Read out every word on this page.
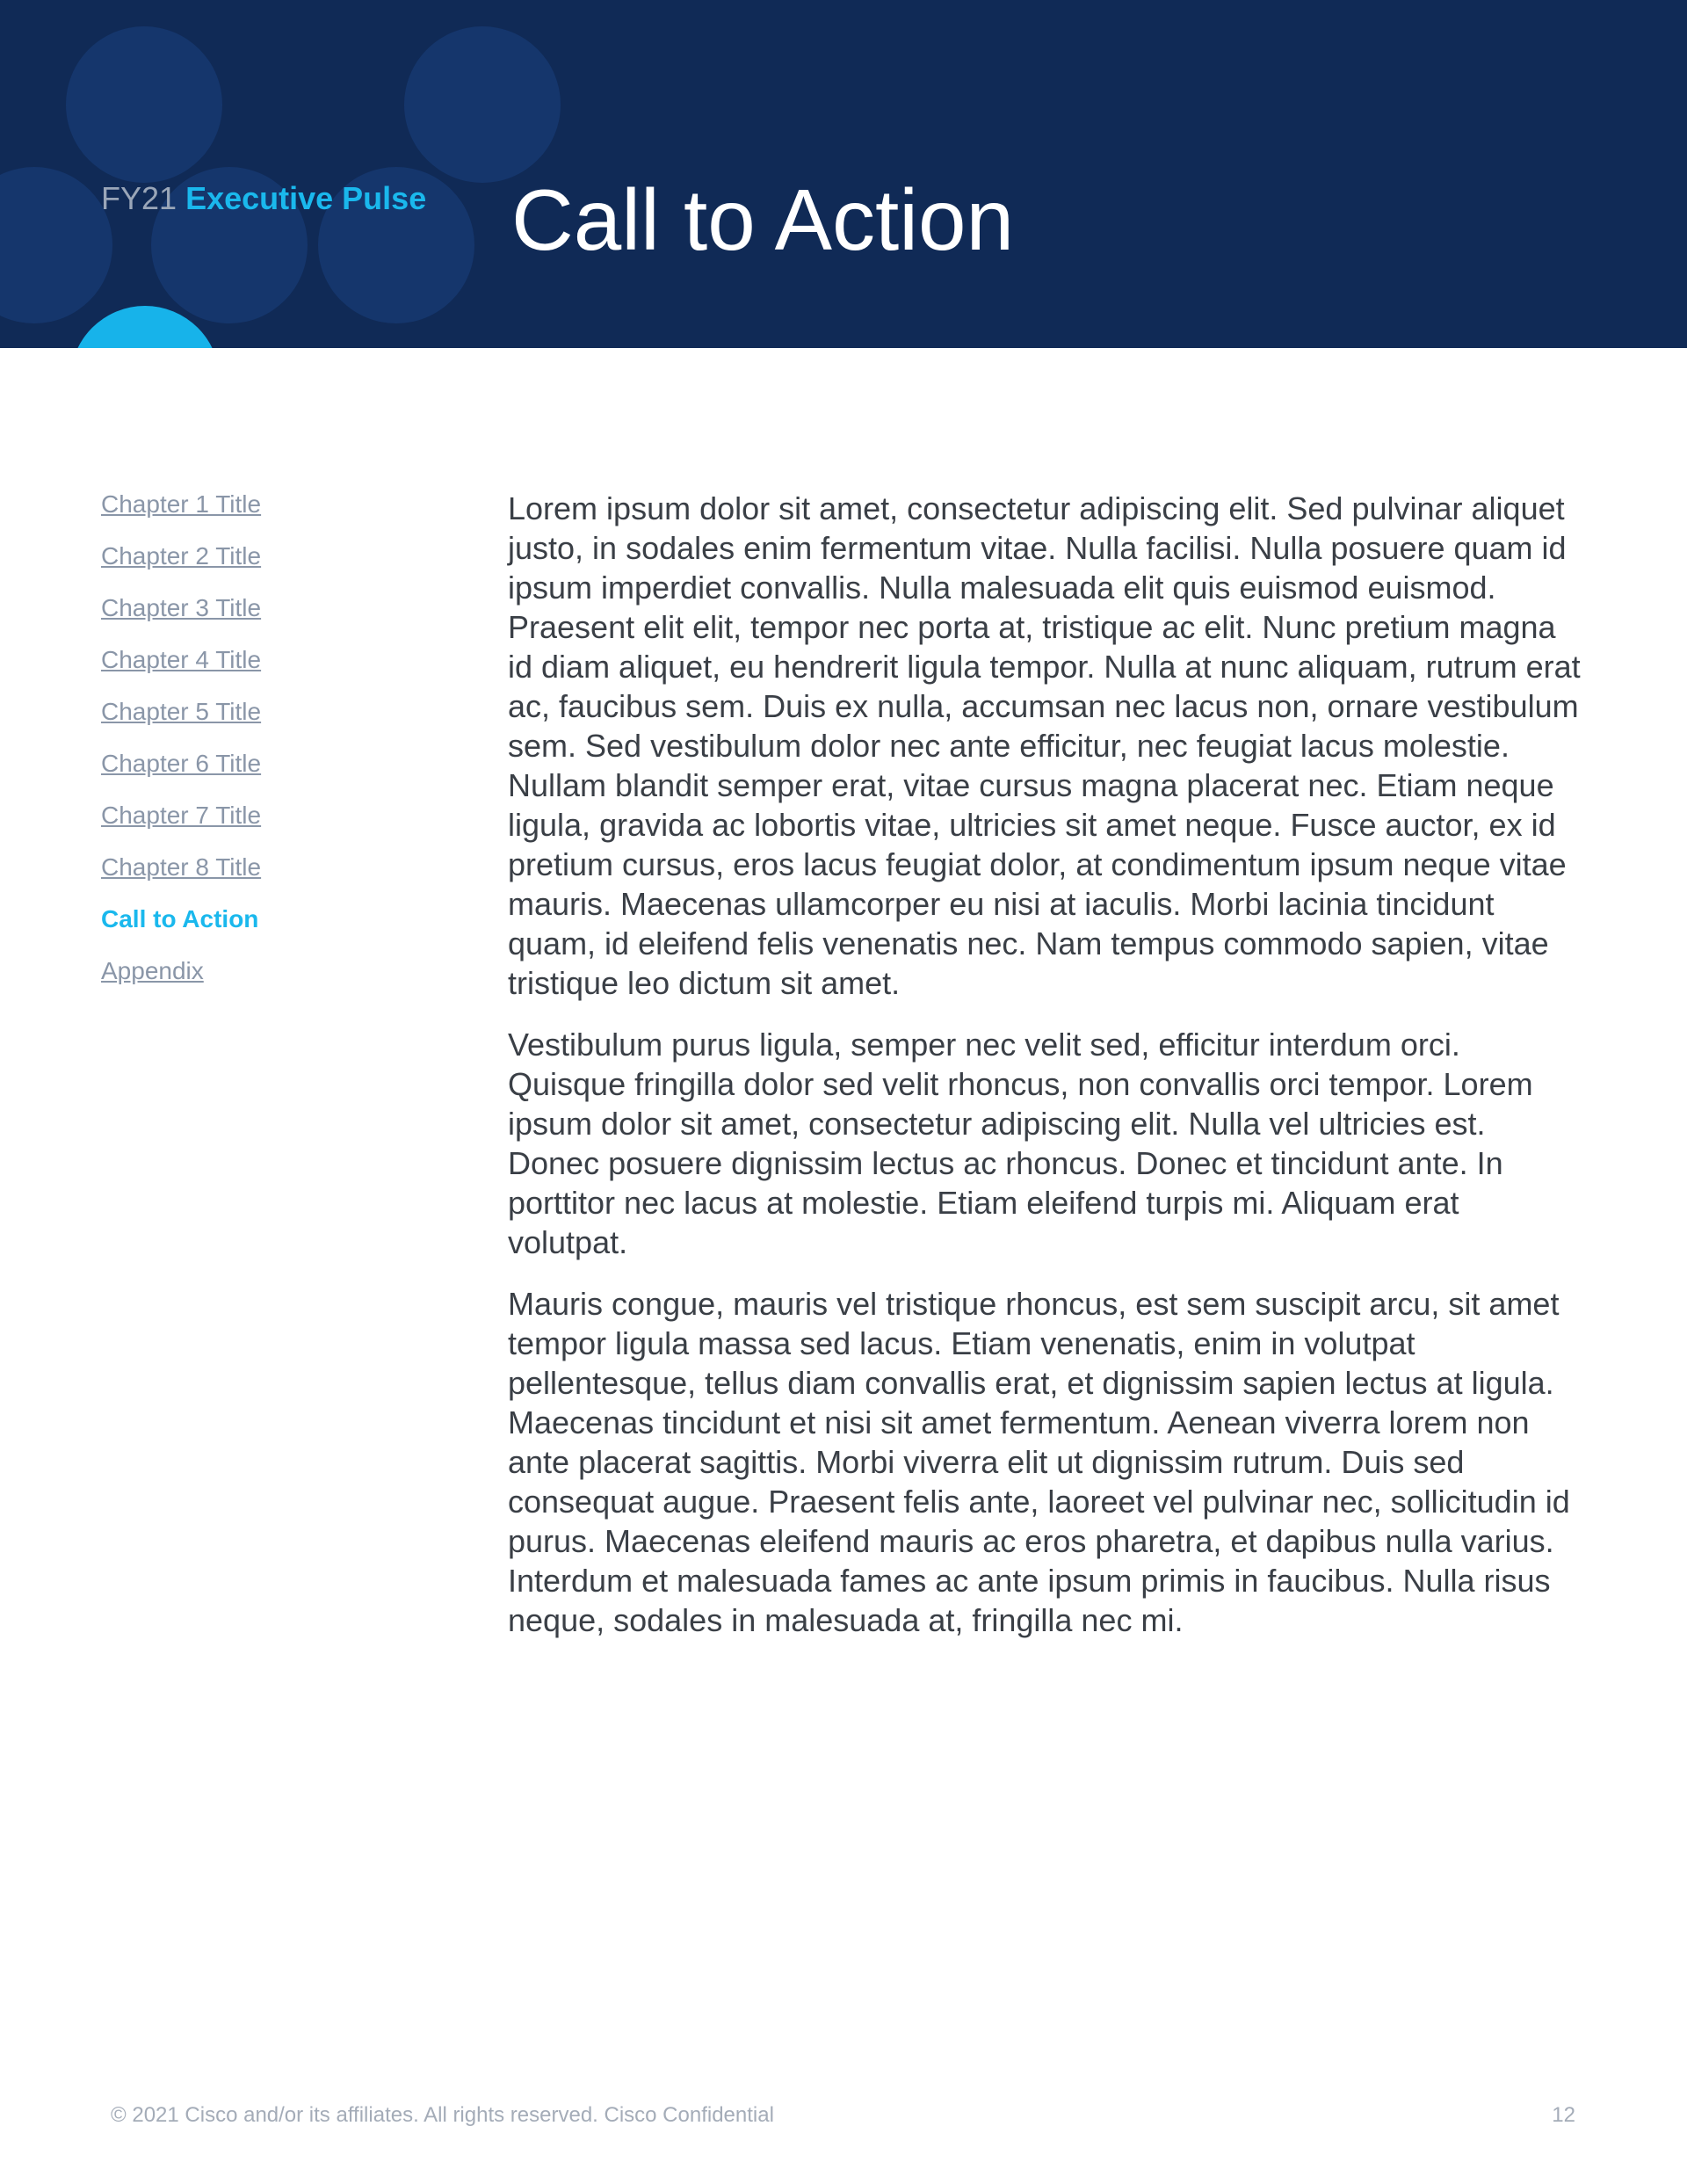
FY21 Executive Pulse Call to Action
Chapter 1 Title
Chapter 2 Title
Chapter 3 Title
Chapter 4 Title
Chapter 5 Title
Chapter 6 Title
Chapter 7 Title
Chapter 8 Title
Call to Action
Appendix

Lorem ipsum dolor sit amet, consectetur adipiscing elit. Sed pulvinar aliquet justo, in sodales enim fermentum vitae. Nulla facilisi. Nulla posuere quam id ipsum imperdiet convallis. Nulla malesuada elit quis euismod euismod. Praesent elit elit, tempor nec porta at, tristique ac elit. Nunc pretium magna id diam aliquet, eu hendrerit ligula tempor. Nulla at nunc aliquam, rutrum erat ac, faucibus sem. Duis ex nulla, accumsan nec lacus non, ornare vestibulum sem. Sed vestibulum dolor nec ante efficitur, nec feugiat lacus molestie. Nullam blandit semper erat, vitae cursus magna placerat nec. Etiam neque ligula, gravida ac lobortis vitae, ultricies sit amet neque. Fusce auctor, ex id pretium cursus, eros lacus feugiat dolor, at condimentum ipsum neque vitae mauris. Maecenas ullamcorper eu nisi at iaculis. Morbi lacinia tincidunt quam, id eleifend felis venenatis nec. Nam tempus commodo sapien, vitae tristique leo dictum sit amet.

Vestibulum purus ligula, semper nec velit sed, efficitur interdum orci. Quisque fringilla dolor sed velit rhoncus, non convallis orci tempor. Lorem ipsum dolor sit amet, consectetur adipiscing elit. Nulla vel ultricies est. Donec posuere dignissim lectus ac rhoncus. Donec et tincidunt ante. In porttitor nec lacus at molestie. Etiam eleifend turpis mi. Aliquam erat volutpat.

Mauris congue, mauris vel tristique rhoncus, est sem suscipit arcu, sit amet tempor ligula massa sed lacus. Etiam venenatis, enim in volutpat pellentesque, tellus diam convallis erat, et dignissim sapien lectus at ligula. Maecenas tincidunt et nisi sit amet fermentum. Aenean viverra lorem non ante placerat sagittis. Morbi viverra elit ut dignissim rutrum. Duis sed consequat augue. Praesent felis ante, laoreet vel pulvinar nec, sollicitudin id purus. Maecenas eleifend mauris ac eros pharetra, et dapibus nulla varius. Interdum et malesuada fames ac ante ipsum primis in faucibus. Nulla risus neque, sodales in malesuada at, fringilla nec mi.

© 2021 Cisco and/or its affiliates. All rights reserved. Cisco Confidential	12
